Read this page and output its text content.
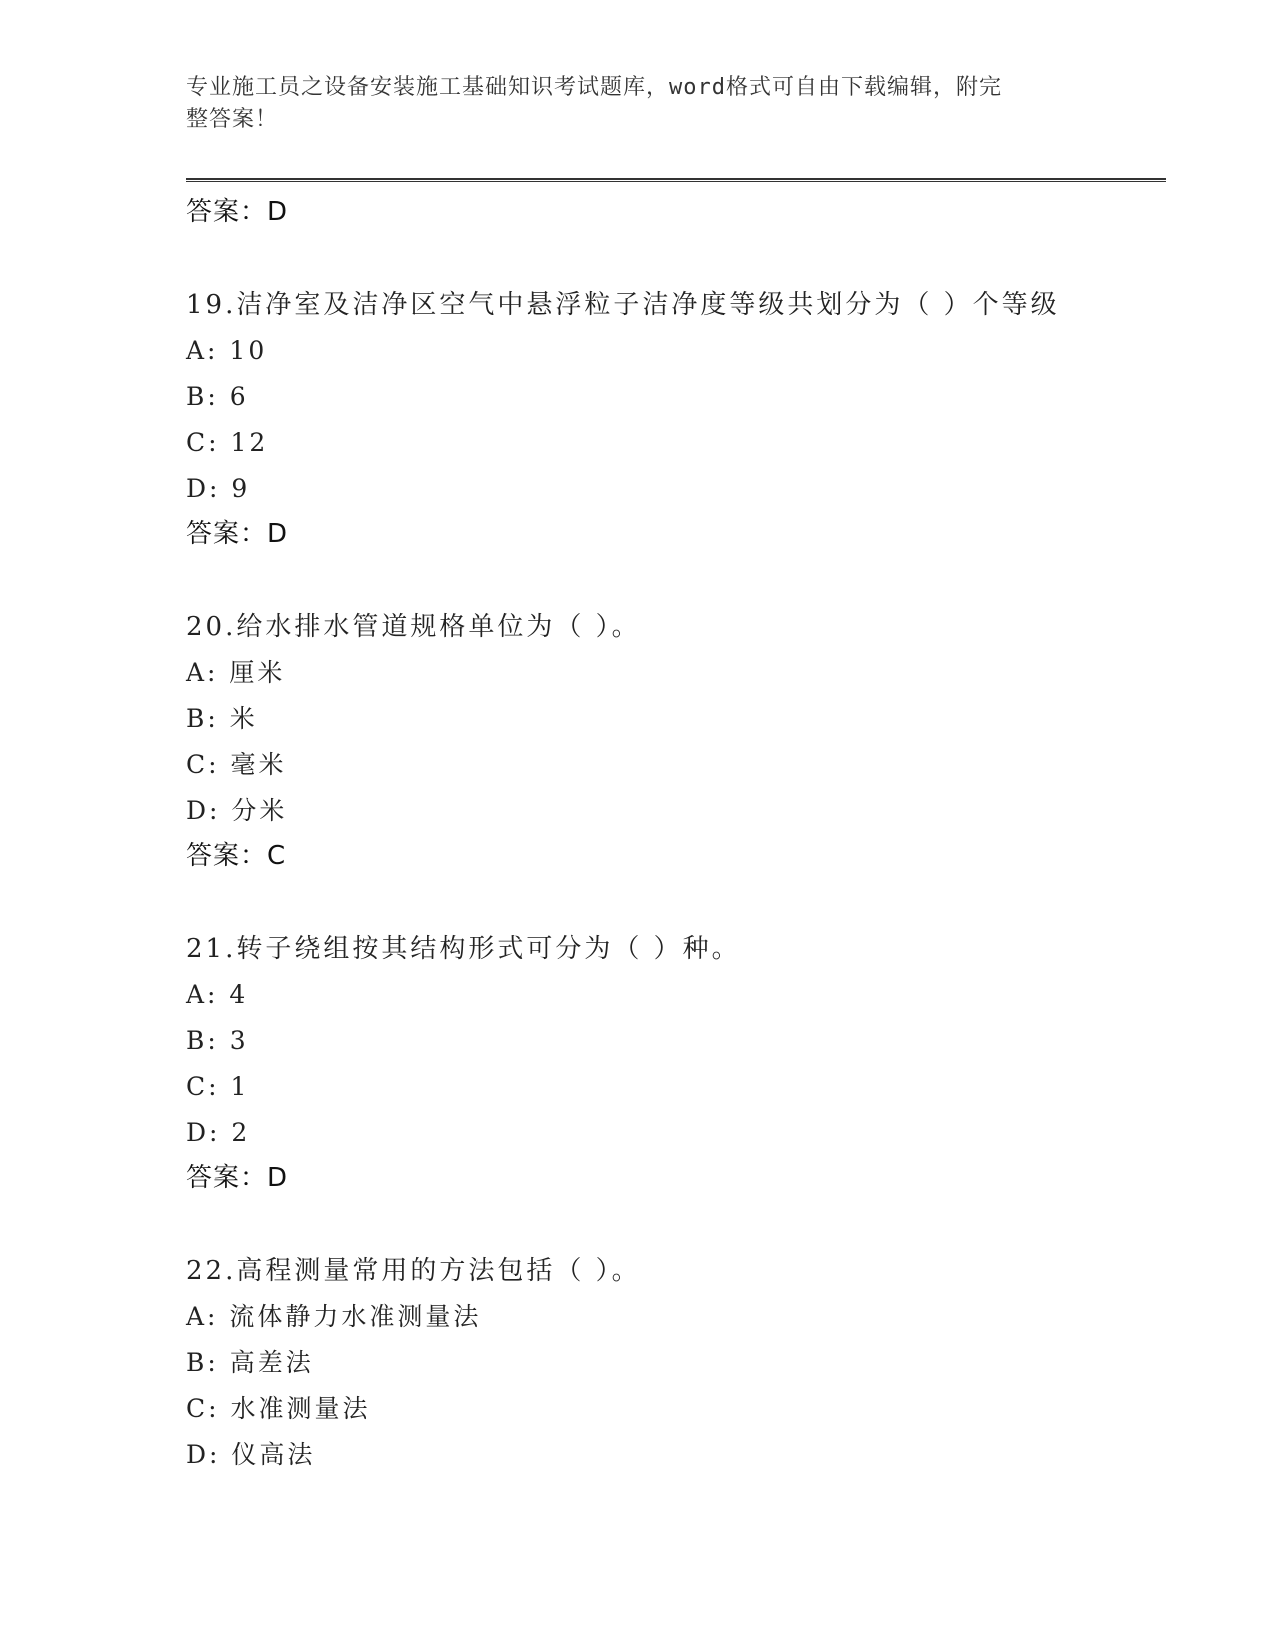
专业施工员之设备安装施工基础知识考试题库，word格式可自由下载编辑，附完
整答案！
答案：D
19.洁净室及洁净区空气中悬浮粒子洁净度等级共划分为（ ）个等级
A: 10
B: 6
C: 12
D: 9
答案：D
20.给水排水管道规格单位为（ ）。
A: 厘米
B: 米
C: 毫米
D: 分米
答案：C
21.转子绕组按其结构形式可分为（ ）种。
A: 4
B: 3
C: 1
D: 2
答案：D
22.高程测量常用的方法包括（ ）。
A: 流体静力水准测量法
B: 高差法
C: 水准测量法
D: 仪高法
